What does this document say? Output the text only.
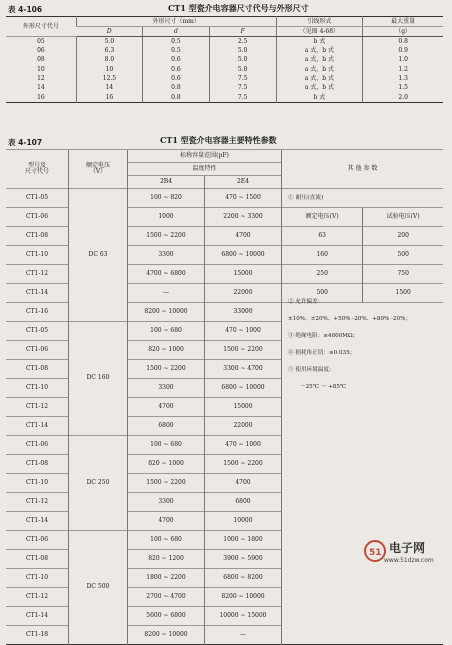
表 4-106	CT1 型瓷介电容器尺寸代号与外形尺寸
外形尺寸代号	外形尺寸（mm）			引线形式	最大重量
	D	d	F	（见图 4-68）	（g）
05	5.0	0.5	2.5	b 式	0.8
06	6.3	0.5	5.0	a 式，b 式	0.9
08	8.0	0.6	5.0	a 式，b 式	1.0
10	10	0.6	5.0	a 式，b 式	1.2
12	12.5	0.6	7.5	a 式，b 式	1.3
14	14	0.8	7.5	a 式，b 式	1.5
16	16	0.8	7.5	b 式	2.0
表 4-107	CT1 型瓷介电容器主要特性参数
型号及
尺寸代号	额定电压
（V）	标称容量范围(pF)		其 他 参 数	
		温度特性			
		2B4	2E4		
CT1-05	DC 63	100 ~ 820	470 ~ 1500	① 耐压(直流)	
CT1-06		1000	2200 ~ 3300	额定电压(V)	试验电压(V)
CT1-08		1500 ~ 2200	4700	63	200
CT1-10		3300	6800 ~ 10000	160	500
CT1-12		4700 ~ 6800	15000	250	750
CT1-14		—	22000	500	1500
CT1-16		8200 ~ 10000	33000		
CT1-05	DC 160	100 ~ 680	470 ~ 1000		
CT1-06		820 ~ 1000	1500 ~ 2200		
CT1-08		1500 ~ 2200	3300 ~ 4700		
CT1-10		3300	6800 ~ 10000		
CT1-12		4700	15000		
CT1-14		6800	22000		
CT1-06	DC 250	100 ~ 680	470 ~ 1000		
CT1-08		820 ~ 1000	1500 ~ 2200		
CT1-10		1500 ~ 2200	4700		
CT1-12		3300	6800		
CT1-14		4700	10000		
CT1-06	DC 500	100 ~ 680	1000 ~ 1800		
CT1-08		820 ~ 1200	3900 ~ 5900		
CT1-10		1800 ~ 2200	6800 ~ 8200		
CT1-12		2700 ~ 4700	8200 ~ 10000		
CT1-14		5600 ~ 6800	10000 ~ 15000		
CT1-18		8200 ~ 10000	—		
② 允许偏差：
±10%、±20%、+50% -20%、+80% -20%；
③ 绝缘电阻：≥4000MΩ；
④ 损耗角正切：≤0.035；
⑤ 使用环境温度：
－25℃ ～ +85℃
51 电子网
www.51dzw.com
